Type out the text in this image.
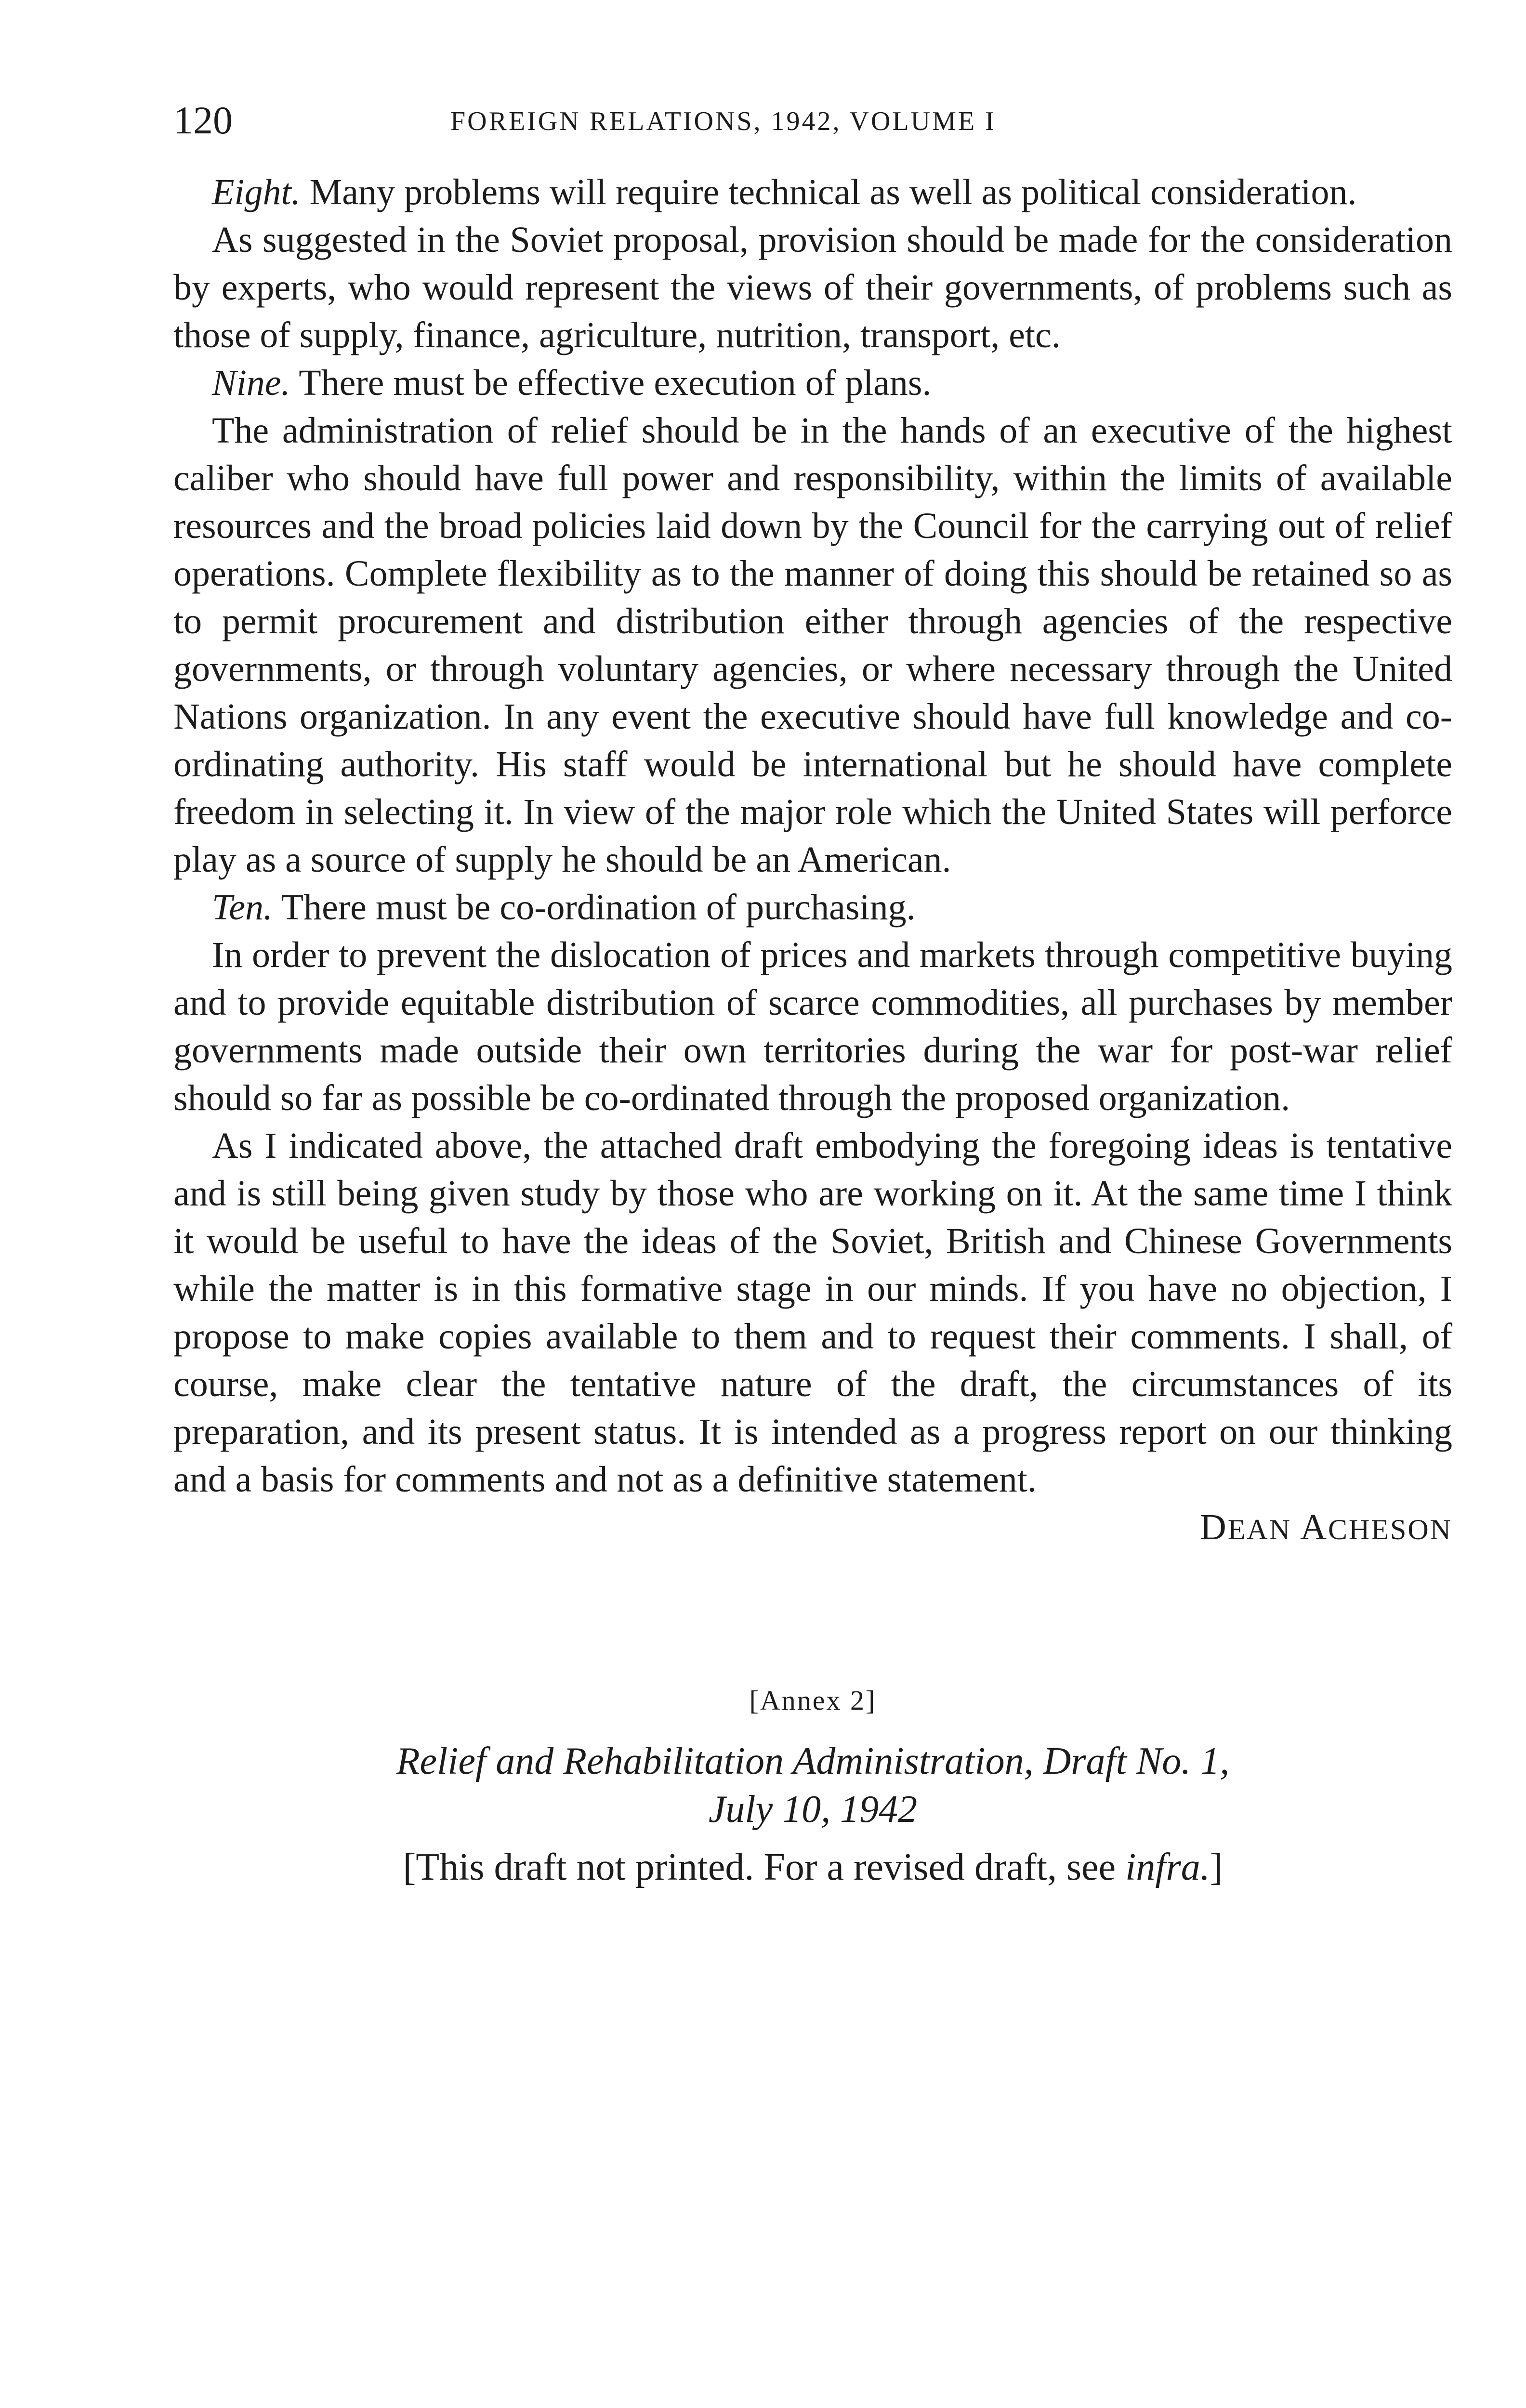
120	FOREIGN RELATIONS, 1942, VOLUME I

Eight. Many problems will require technical as well as political consideration.

As suggested in the Soviet proposal, provision should be made for the consideration by experts, who would represent the views of their governments, of problems such as those of supply, finance, agriculture, nutrition, transport, etc.

Nine. There must be effective execution of plans.

The administration of relief should be in the hands of an executive of the highest caliber who should have full power and responsibility, within the limits of available resources and the broad policies laid down by the Council for the carrying out of relief operations. Complete flexibility as to the manner of doing this should be retained so as to permit procurement and distribution either through agencies of the respective governments, or through voluntary agencies, or where necessary through the United Nations organization. In any event the executive should have full knowledge and co-ordinating authority. His staff would be international but he should have complete freedom in selecting it. In view of the major role which the United States will perforce play as a source of supply he should be an American.

Ten. There must be co-ordination of purchasing.

In order to prevent the dislocation of prices and markets through competitive buying and to provide equitable distribution of scarce commodities, all purchases by member governments made outside their own territories during the war for post-war relief should so far as possible be co-ordinated through the proposed organization.

As I indicated above, the attached draft embodying the foregoing ideas is tentative and is still being given study by those who are working on it. At the same time I think it would be useful to have the ideas of the Soviet, British and Chinese Governments while the matter is in this formative stage in our minds. If you have no objection, I propose to make copies available to them and to request their comments. I shall, of course, make clear the tentative nature of the draft, the circumstances of its preparation, and its present status. It is intended as a progress report on our thinking and a basis for comments and not as a definitive statement.

DEAN ACHESON
[Annex 2]
Relief and Rehabilitation Administration, Draft No. 1,
July 10, 1942
[This draft not printed. For a revised draft, see infra.]
